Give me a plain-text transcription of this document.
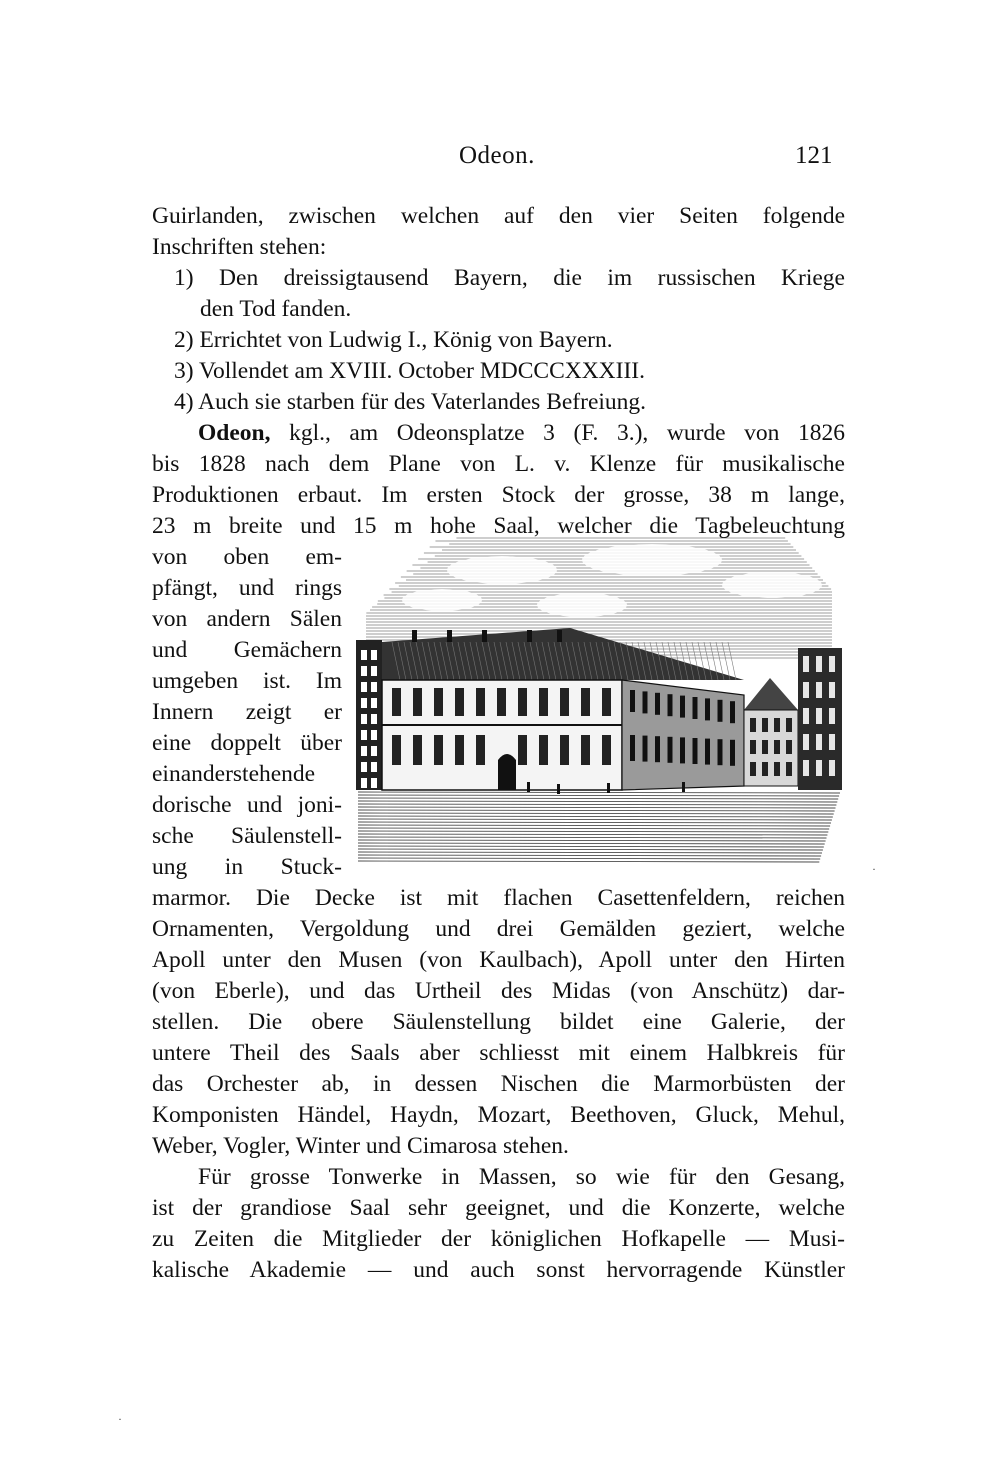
Odeon.	121
Guirlanden, zwischen welchen auf den vier Seiten folgende
Inschriften stehen:
1) Den dreissigtausend Bayern, die im russischen Kriege
den Tod fanden.
2) Errichtet von Ludwig I., König von Bayern.
3) Vollendet am XVIII. October MDCCCXXXIII.
4) Auch sie starben für des Vaterlandes Befreiung.
Odeon, kgl., am Odeonsplatze 3 (F. 3.), wurde von 1826
bis 1828 nach dem Plane von L. v. Klenze für musikalische
Produktionen erbaut. Im ersten Stock der grosse, 38 m lange,
23 m breite und 15 m hohe Saal, welcher die Tagbeleuchtung
von oben em-
pfängt, und rings
von andern Sälen
und Gemächern
umgeben ist. Im
Innern zeigt er
eine doppelt über
einanderstehende
dorische und joni-
sche Säulenstell-
ung in Stuck-
marmor. Die Decke ist mit flachen Casettenfeldern, reichen
Ornamenten, Vergoldung und drei Gemälden geziert, welche
Apoll unter den Musen (von Kaulbach), Apoll unter den Hirten
(von Eberle), und das Urtheil des Midas (von Anschütz) dar-
stellen. Die obere Säulenstellung bildet eine Galerie, der
untere Theil des Saals aber schliesst mit einem Halbkreis für
das Orchester ab, in dessen Nischen die Marmorbüsten der
Komponisten Händel, Haydn, Mozart, Beethoven, Gluck, Mehul,
Weber, Vogler, Winter und Cimarosa stehen.
Für grosse Tonwerke in Massen, so wie für den Gesang,
ist der grandiose Saal sehr geeignet, und die Konzerte, welche
zu Zeiten die Mitglieder der königlichen Hofkapelle — Musi-
kalische Akademie — und auch sonst hervorragende Künstler
·
·
